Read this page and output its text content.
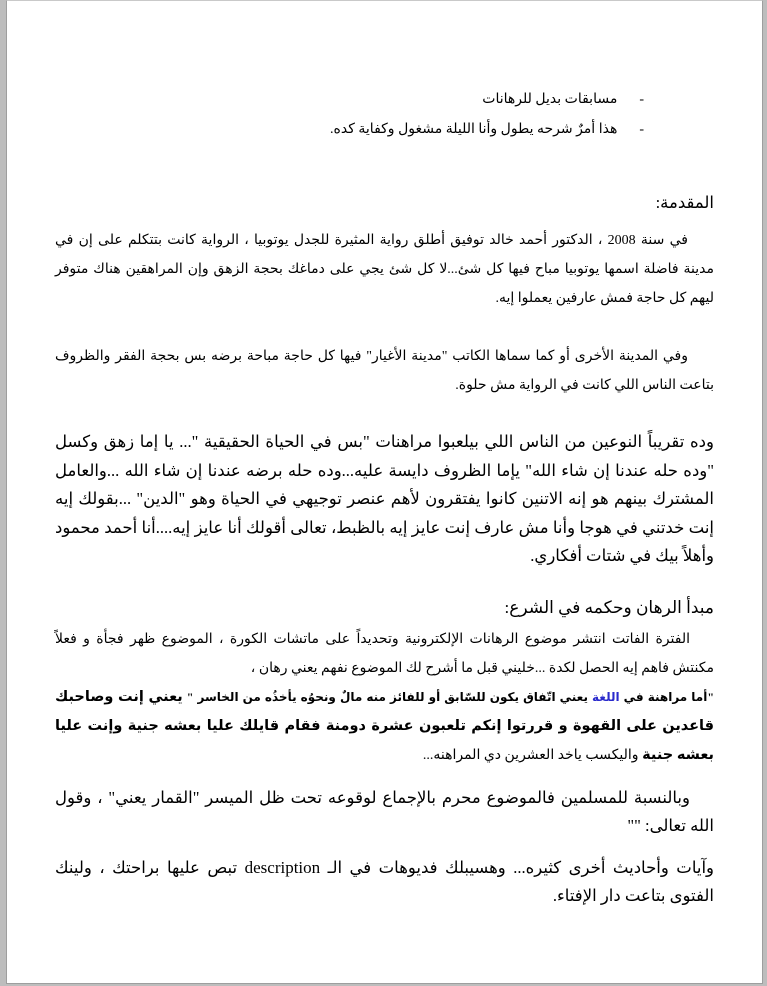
-
مسابقات بديل للرهانات
-
هذا أمرٌ شرحه يطول وأنا الليلة مشغول وكفاية كده.
المقدمة:

في سنة 2008 ، الدكتور أحمد خالد توفيق أطلق رواية المثيرة للجدل يوتوبيا ، الرواية كانت بتتكلم على إن في مدينة فاضلة اسمها يوتوبيا مباح فيها كل شئ...لا كل شئ يجي على دماغك بحجة الزهق وإن المراهقين هناك متوفر ليهم كل حاجة فمش عارفين يعملوا إيه.

وفي المدينة الأخرى أو كما سماها الكاتب "مدينة الأغيار" فيها كل حاجة مباحة برضه بس بحجة الفقر والظروف بتاعت الناس اللي كانت في الرواية مش حلوة.

وده تقريباً النوعين من الناس اللي بيلعبوا مراهنات "بس في الحياة الحقيقية "... يا إما زهق وكسل "وده حله عندنا إن شاء الله" يإما الظروف دايسة عليه...وده حله برضه عندنا إن شاء الله ...والعامل المشترك بينهم هو إنه الاتنين كانوا يفتقرون لأهم عنصر توجيهي في الحياة وهو "الدين" ...بقولك إيه إنت خدتني في هوجا وأنا مش عارف إنت عايز إيه بالظبط، تعالى أقولك أنا عايز إيه....أنا أحمد محمود وأهلاً بيك في شتات أفكاري.

مبدأ الرهان وحكمه في الشرع:

الفترة الفاتت انتشر موضوع الرهانات الإلكترونية وتحديداً على ماتشات الكورة ، الموضوع ظهر فجأة و فعلاً مكنتش فاهم إيه الحصل لكدة ...خليني قبل ما أشرح لك الموضوع نفهم يعني رهان ،

"أما مراهنة في اللغة يعني اتّفاق يكون للسّابق أو للفائز منه مالٌ ونحوُه يأخذُه من الخاسر " يعني إنت وصاحبك قاعدين على القهوة و قررتوا إنكم تلعبون عشرة دومنة فقام قايلك عليا بعشه جنية وإنت عليا بعشه جنية واليكسب ياخد العشرين دي المراهنه...

وبالنسبة للمسلمين فالموضوع محرم بالإجماع لوقوعه تحت ظل الميسر "القمار يعني" ، وقول الله تعالى: ""

وآيات وأحاديث أخرى كثيره... وهسيبلك فديوهات في الـ description تبص عليها براحتك ، ولينك الفتوى بتاعت دار الإفتاء.
